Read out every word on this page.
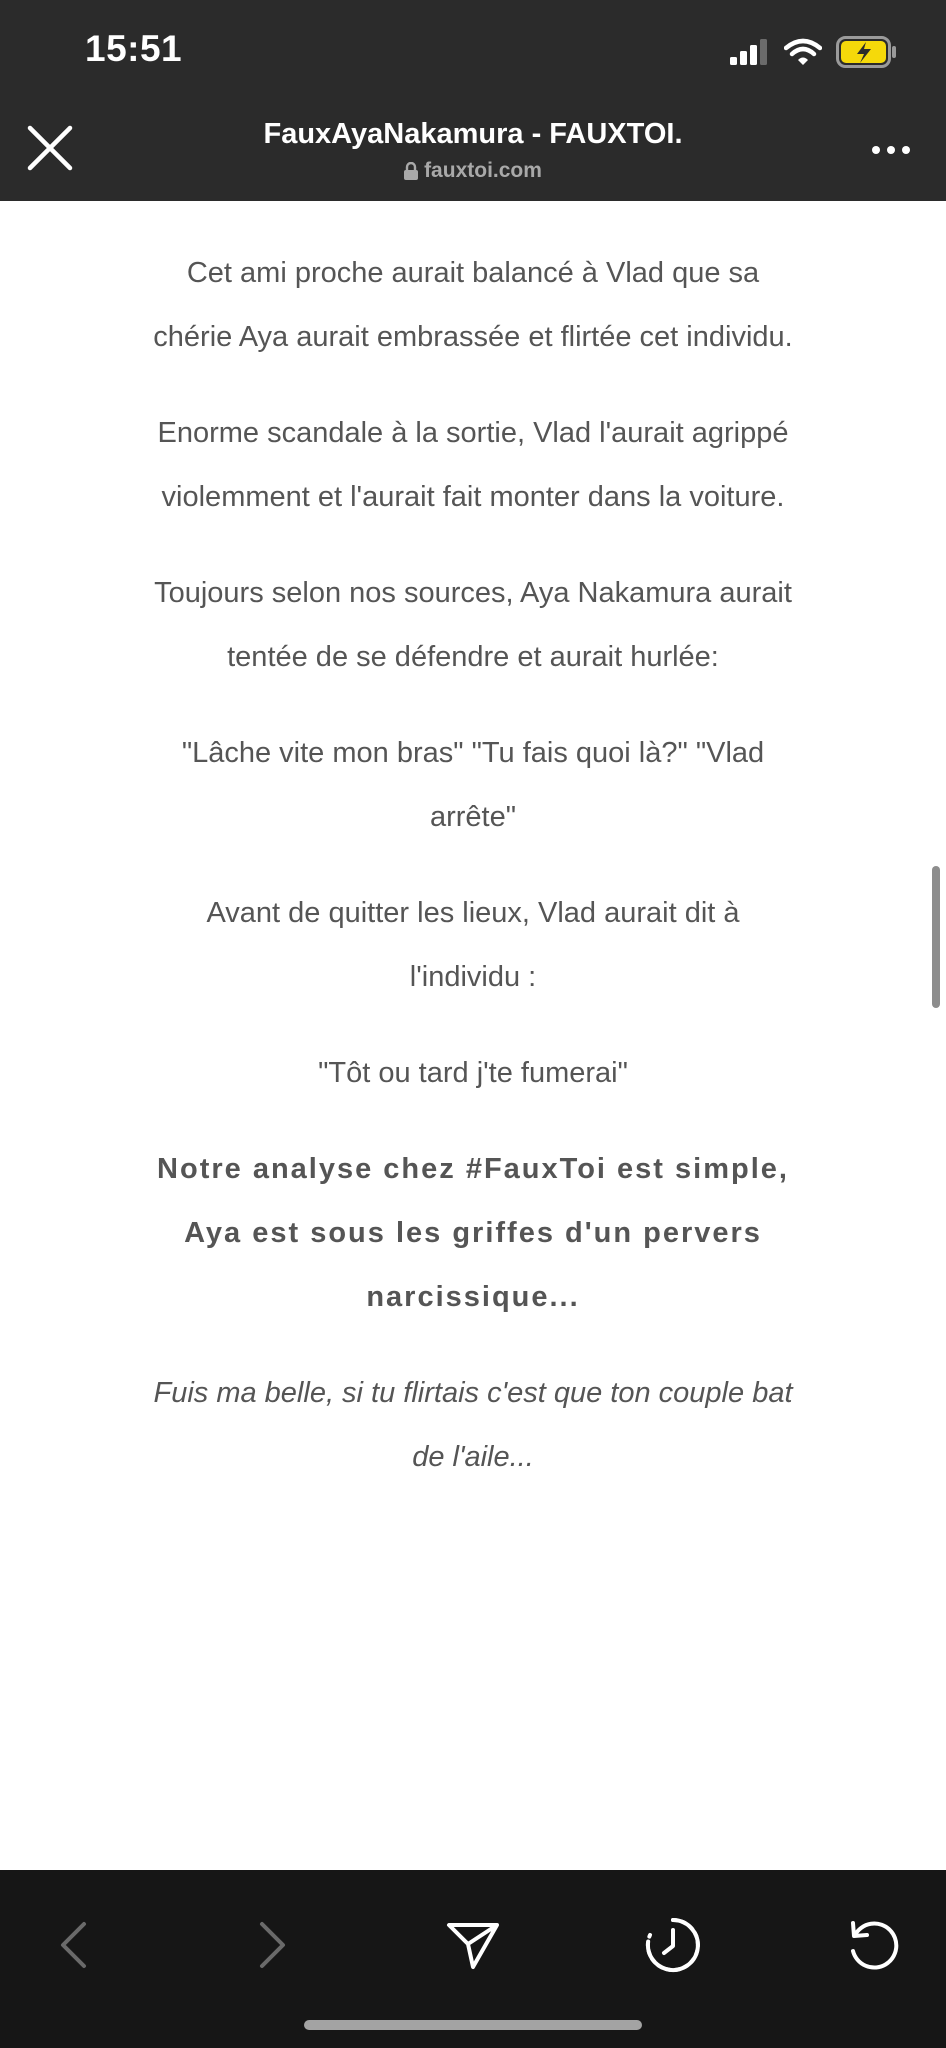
15:51
FauxAyaNakamura - FAUXTOI.
fauxtoi.com

Cet ami proche aurait balancé à Vlad que sa chérie Aya aurait embrassée et flirtée cet individu.

Enorme scandale à la sortie, Vlad l'aurait agrippé violemment et l'aurait fait monter dans la voiture.

Toujours selon nos sources, Aya Nakamura aurait tentée de se défendre et aurait hurlée:

"Lâche vite mon bras" "Tu fais quoi là?" "Vlad arrête"

Avant de quitter les lieux, Vlad aurait dit à l'individu :

"Tôt ou tard j'te fumerai"

Notre analyse chez #FauxToi est simple, Aya est sous les griffes d'un pervers narcissique...

Fuis ma belle, si tu flirtais c'est que ton couple bat de l'aile...
